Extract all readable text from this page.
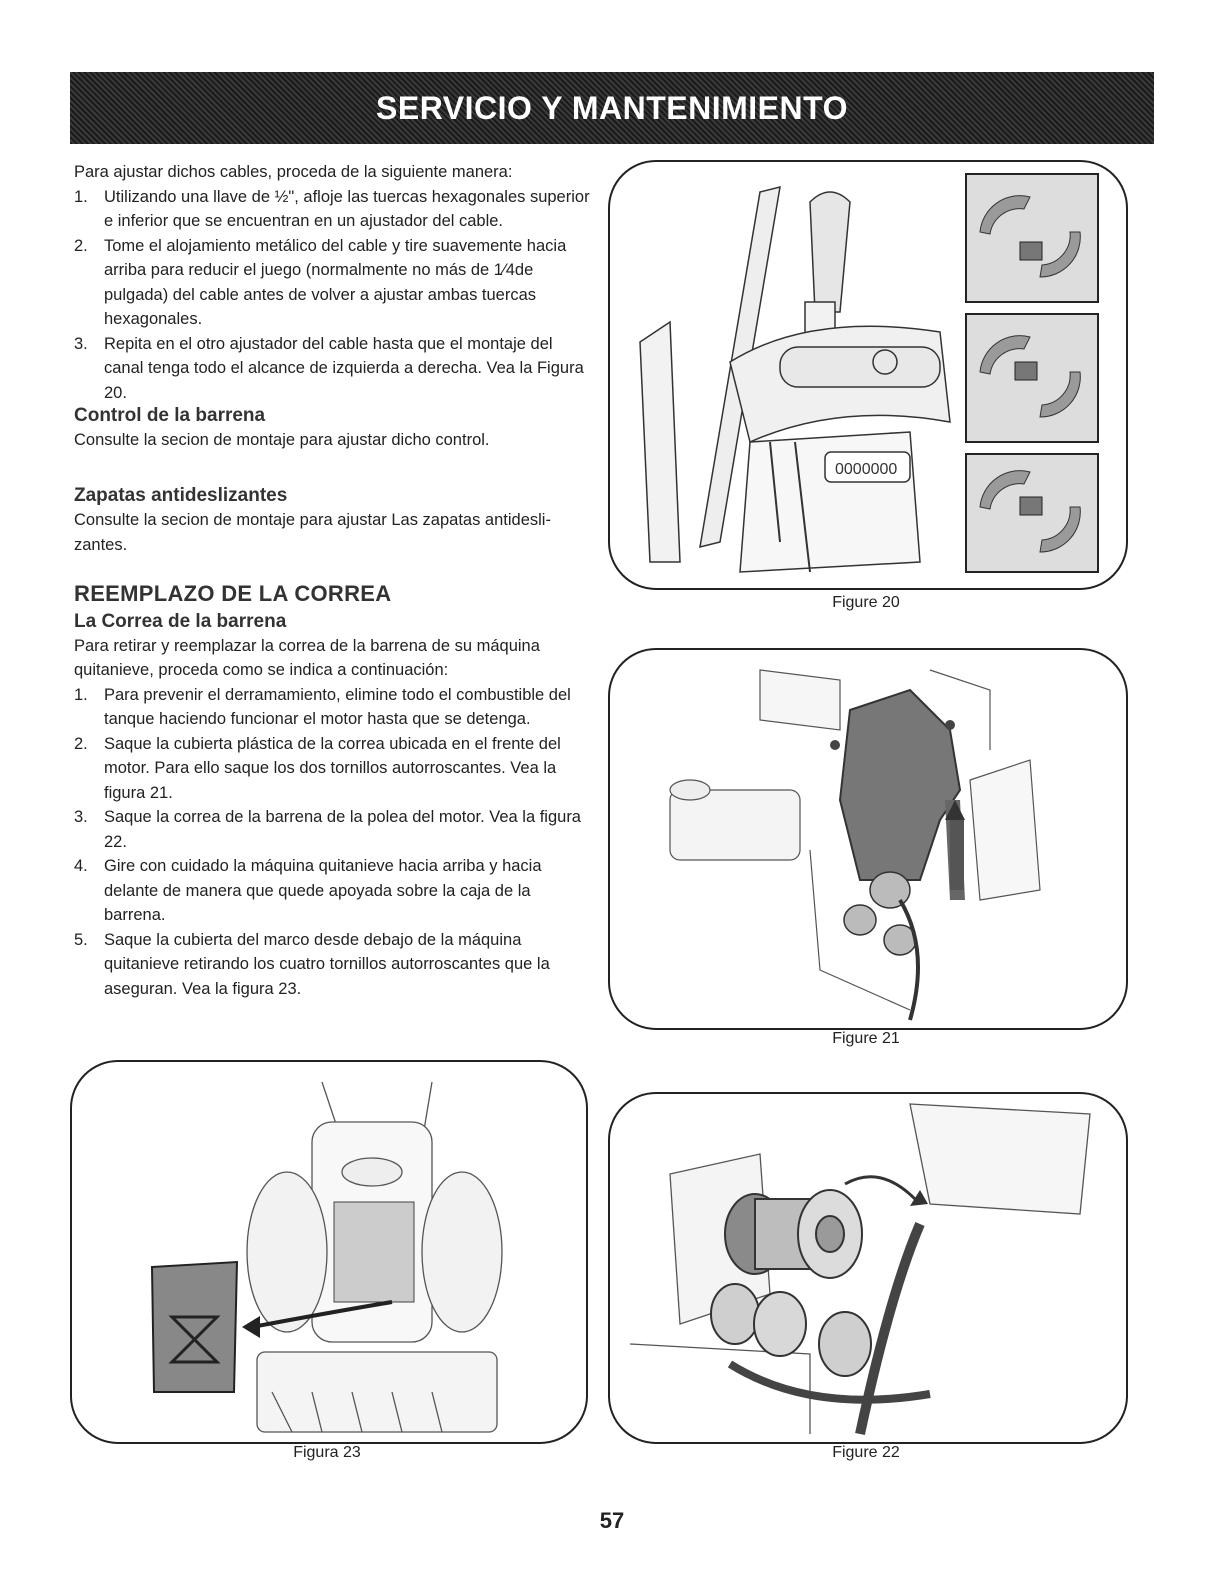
SERVICIO Y MANTENIMIENTO

Para ajustar dichos cables, proceda de la siguiente manera:

1. Utilizando una llave de ½", afloje las tuercas hexagonales superior e inferior que se encuentran en un ajustador del cable.
2. Tome el alojamiento metálico del cable y tire suavemente hacia arriba para reducir el juego (normalmente no más de 1⁄4de pulgada) del cable antes de volver a ajustar ambas tuercas hexagonales.
3. Repita en el otro ajustador del cable hasta que el montaje del canal tenga todo el alcance de izquierda a derecha. Vea la Figura 20.

Control de la barrena

Consulte la secion de montaje para ajustar dicho control.

Zapatas antideslizantes

Consulte la secion de montaje para ajustar Las zapatas antidesli- zantes.

REEMPLAZO DE LA CORREA

La Correa de la barrena

Para retirar y reemplazar la correa de la barrena de su máquina quitanieve, proceda como se indica a continuación:

1. Para prevenir el derramamiento, elimine todo el combustible del tanque haciendo funcionar el motor hasta que se detenga.
2. Saque la cubierta plástica de la correa ubicada en el frente del motor. Para ello saque los dos tornillos autorroscantes. Vea la figura 21.
3. Saque la correa de la barrena de la polea del motor. Vea la figura 22.
4. Gire con cuidado la máquina quitanieve hacia arriba y hacia delante de manera que quede apoyada sobre la caja de la barrena.
5. Saque la cubierta del marco desde debajo de la máquina quitanieve retirando los cuatro tornillos autorroscantes que la aseguran. Vea la figura 23.
0000000
Figure 20
Figure 21
Figura 23	Figure 22
57
